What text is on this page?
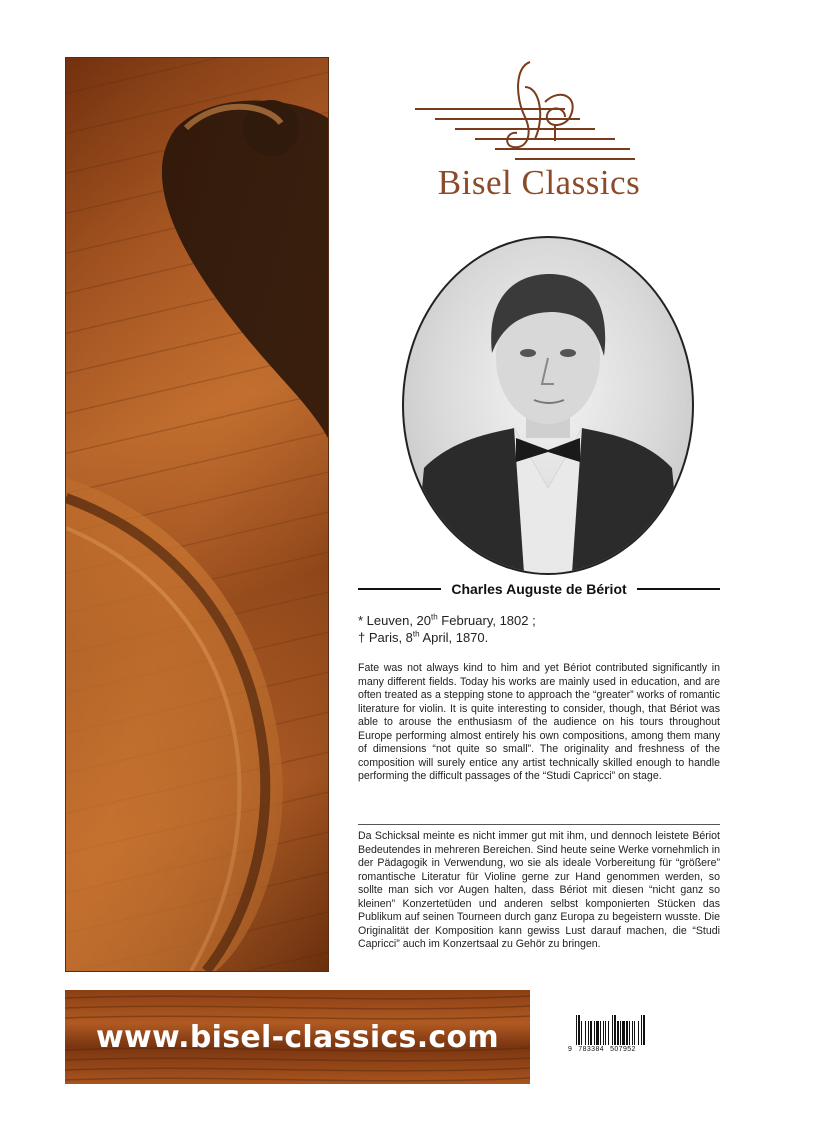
Bisel Classics
Charles Auguste de Bériot
* Leuven, 20th February, 1802 ;
† Paris, 8th April, 1870.
Fate was not always kind to him and yet Bériot contributed significantly in many different fields. Today his works are mainly used in education, and are often treated as a stepping stone to approach the “greater” works of romantic literature for violin. It is quite interesting to consider, though, that Bériot was able to arouse the enthusiasm of the audience on his tours throughout Europe performing almost entirely his own compositions, among them many of dimensions “not quite so small”. The originality and freshness of the composition will surely entice any artist technically skilled enough to handle performing the difficult passages of the “Studi Capricci” on stage.
Da Schicksal meinte es nicht immer gut mit ihm, und dennoch leistete Bériot Bedeutendes in mehreren Bereichen. Sind heute seine Werke vornehmlich in der Pädagogik in Verwendung, wo sie als ideale Vorbereitung für “größere” romantische Literatur für Violine gerne zur Hand genommen werden, so sollte man sich vor Augen halten, dass Bériot mit diesen “nicht ganz so kleinen” Konzertetüden und anderen selbst komponierten Stücken das Publikum auf seinen Tourneen durch ganz Europa zu begeistern wusste. Die Originalität der Komposition kann gewiss Lust darauf machen, die “Studi Capricci” auch im Konzertsaal zu Gehör zu bringen.
www.bisel-classics.com	9 783384 507952
